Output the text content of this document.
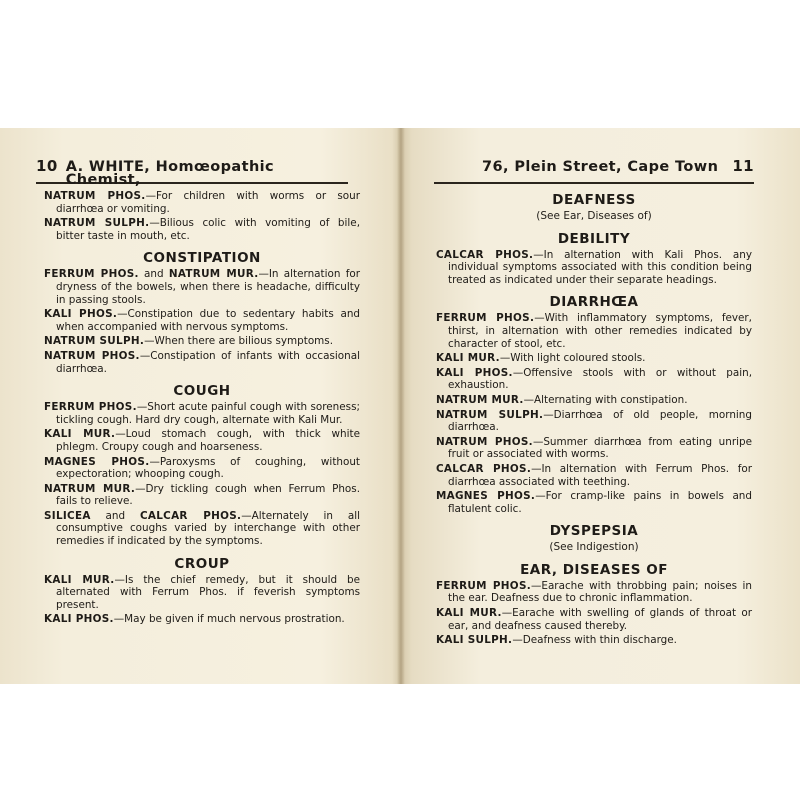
10 A. WHITE, Homœopathic Chemist,

NATRUM PHOS.—For children with worms or sour diarrhœa or vomiting.

NATRUM SULPH.—Bilious colic with vomiting of bile, bitter taste in mouth, etc.

CONSTIPATION

FERRUM PHOS. and NATRUM MUR.—In alternation for dryness of the bowels, when there is headache, difficulty in passing stools.

KALI PHOS.—Constipation due to sedentary habits and when accompanied with nervous symptoms.

NATRUM SULPH.—When there are bilious symptoms.

NATRUM PHOS.—Constipation of infants with occasional diarrhœa.

COUGH

FERRUM PHOS.—Short acute painful cough with soreness; tickling cough. Hard dry cough, alternate with Kali Mur.

KALI MUR.—Loud stomach cough, with thick white phlegm. Croupy cough and hoarseness.

MAGNES PHOS.—Paroxysms of coughing, without expectoration; whooping cough.

NATRUM MUR.—Dry tickling cough when Ferrum Phos. fails to relieve.

SILICEA and CALCAR PHOS.—Alternately in all consumptive coughs varied by interchange with other remedies if indicated by the symptoms.

CROUP

KALI MUR.—Is the chief remedy, but it should be alternated with Ferrum Phos. if feverish symptoms present.

KALI PHOS.—May be given if much nervous prostration.

76, Plein Street, Cape Town 11
DEAFNESS

(See Ear, Diseases of)

DEBILITY

CALCAR PHOS.—In alternation with Kali Phos. any individual symptoms associated with this condition being treated as indicated under their separate headings.

DIARRHŒA

FERRUM PHOS.—With inflammatory symptoms, fever, thirst, in alternation with other remedies indicated by character of stool, etc.

KALI MUR.—With light coloured stools.

KALI PHOS.—Offensive stools with or without pain, exhaustion.

NATRUM MUR.—Alternating with constipation.

NATRUM SULPH.—Diarrhœa of old people, morning diarrhœa.

NATRUM PHOS.—Summer diarrhœa from eating unripe fruit or associated with worms.

CALCAR PHOS.—In alternation with Ferrum Phos. for diarrhœa associated with teething.

MAGNES PHOS.—For cramp-like pains in bowels and flatulent colic.

DYSPEPSIA

(See Indigestion)

EAR, DISEASES OF

FERRUM PHOS.—Earache with throbbing pain; noises in the ear. Deafness due to chronic inflammation.

KALI MUR.—Earache with swelling of glands of throat or ear, and deafness caused thereby.

KALI SULPH.—Deafness with thin discharge.
